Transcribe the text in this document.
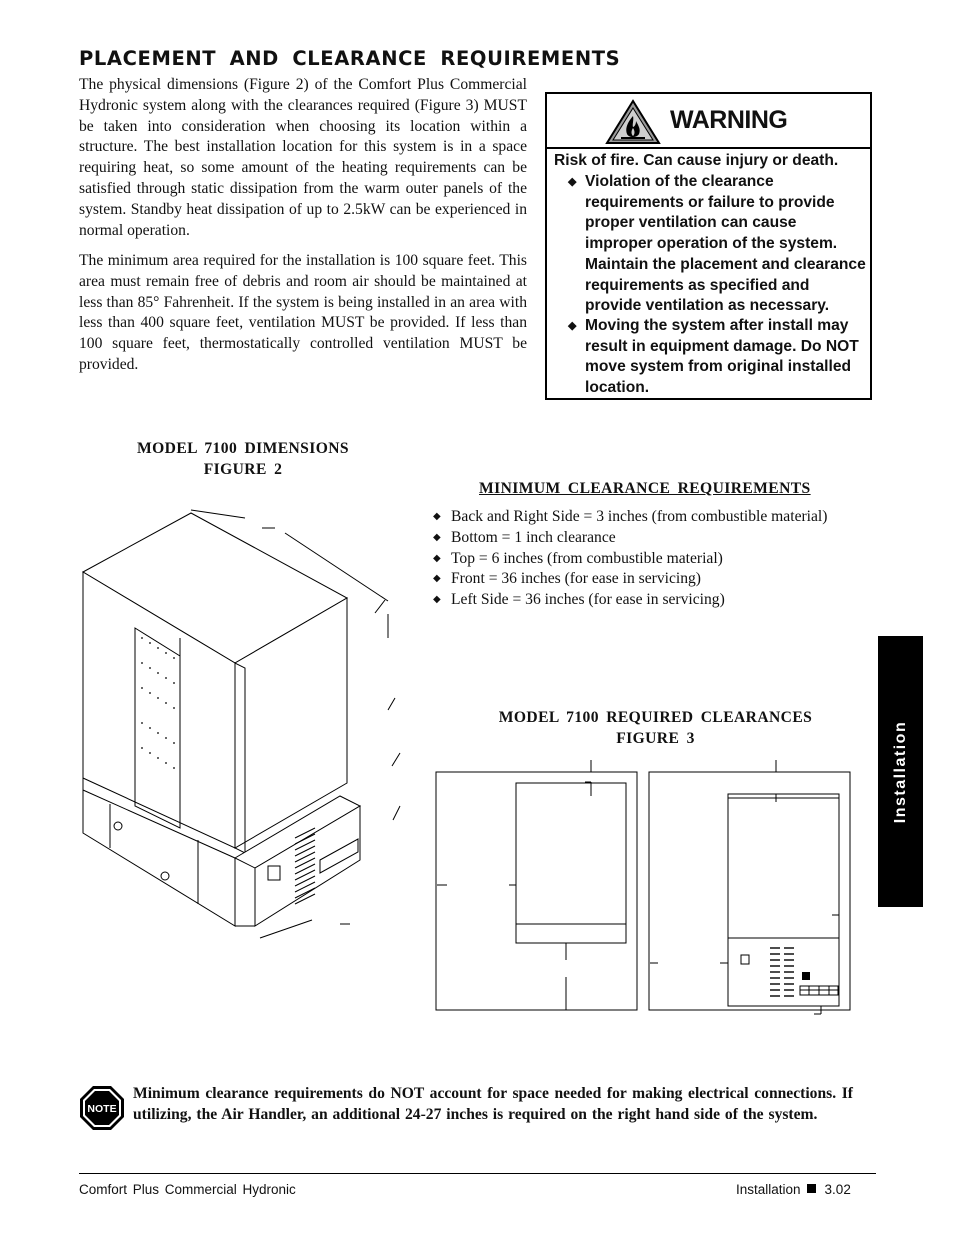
PLACEMENT AND CLEARANCE REQUIREMENTS

The physical dimensions (Figure 2) of the Comfort Plus Commercial Hydronic system along with the clearances required (Figure 3) MUST be taken into consideration when choosing its location within a structure. The best installation location for this system is in a space requiring heat, so some amount of the heating requirements can be satisfied through static dissipation from the warm outer panels of the system. Standby heat dissipation of up to 2.5kW can be experienced in normal operation.

The minimum area required for the installation is 100 square feet. This area must remain free of debris and room air should be maintained at less than 85° Fahrenheit. If the system is being installed in an area with less than 400 square feet, ventilation MUST be provided. If less than 100 square feet, thermostatically controlled ventilation MUST be provided.

WARNING
Risk of fire. Can cause injury or death.
◆ Violation of the clearance requirements or failure to provide proper ventilation can cause improper operation of the system. Maintain the placement and clearance requirements as specified and provide ventilation as necessary.
◆ Moving the system after install may result in equipment damage. Do NOT move system from original installed location.
MODEL 7100 DIMENSIONS
FIGURE 2
MINIMUM CLEARANCE REQUIREMENTS
◆ Back and Right Side = 3 inches (from combustible material)
◆ Bottom = 1 inch clearance
◆ Top = 6 inches (from combustible material)
◆ Front = 36 inches (for ease in servicing)
◆ Left Side = 36 inches (for ease in servicing)
MODEL 7100 REQUIRED CLEARANCES
FIGURE 3	Installation
NOTE

Minimum clearance requirements do NOT account for space needed for making electrical connections. If utilizing, the Air Handler, an additional 24-27 inches is required on the right hand side of the system.

Comfort Plus Commercial Hydronic	Installation 3.02
